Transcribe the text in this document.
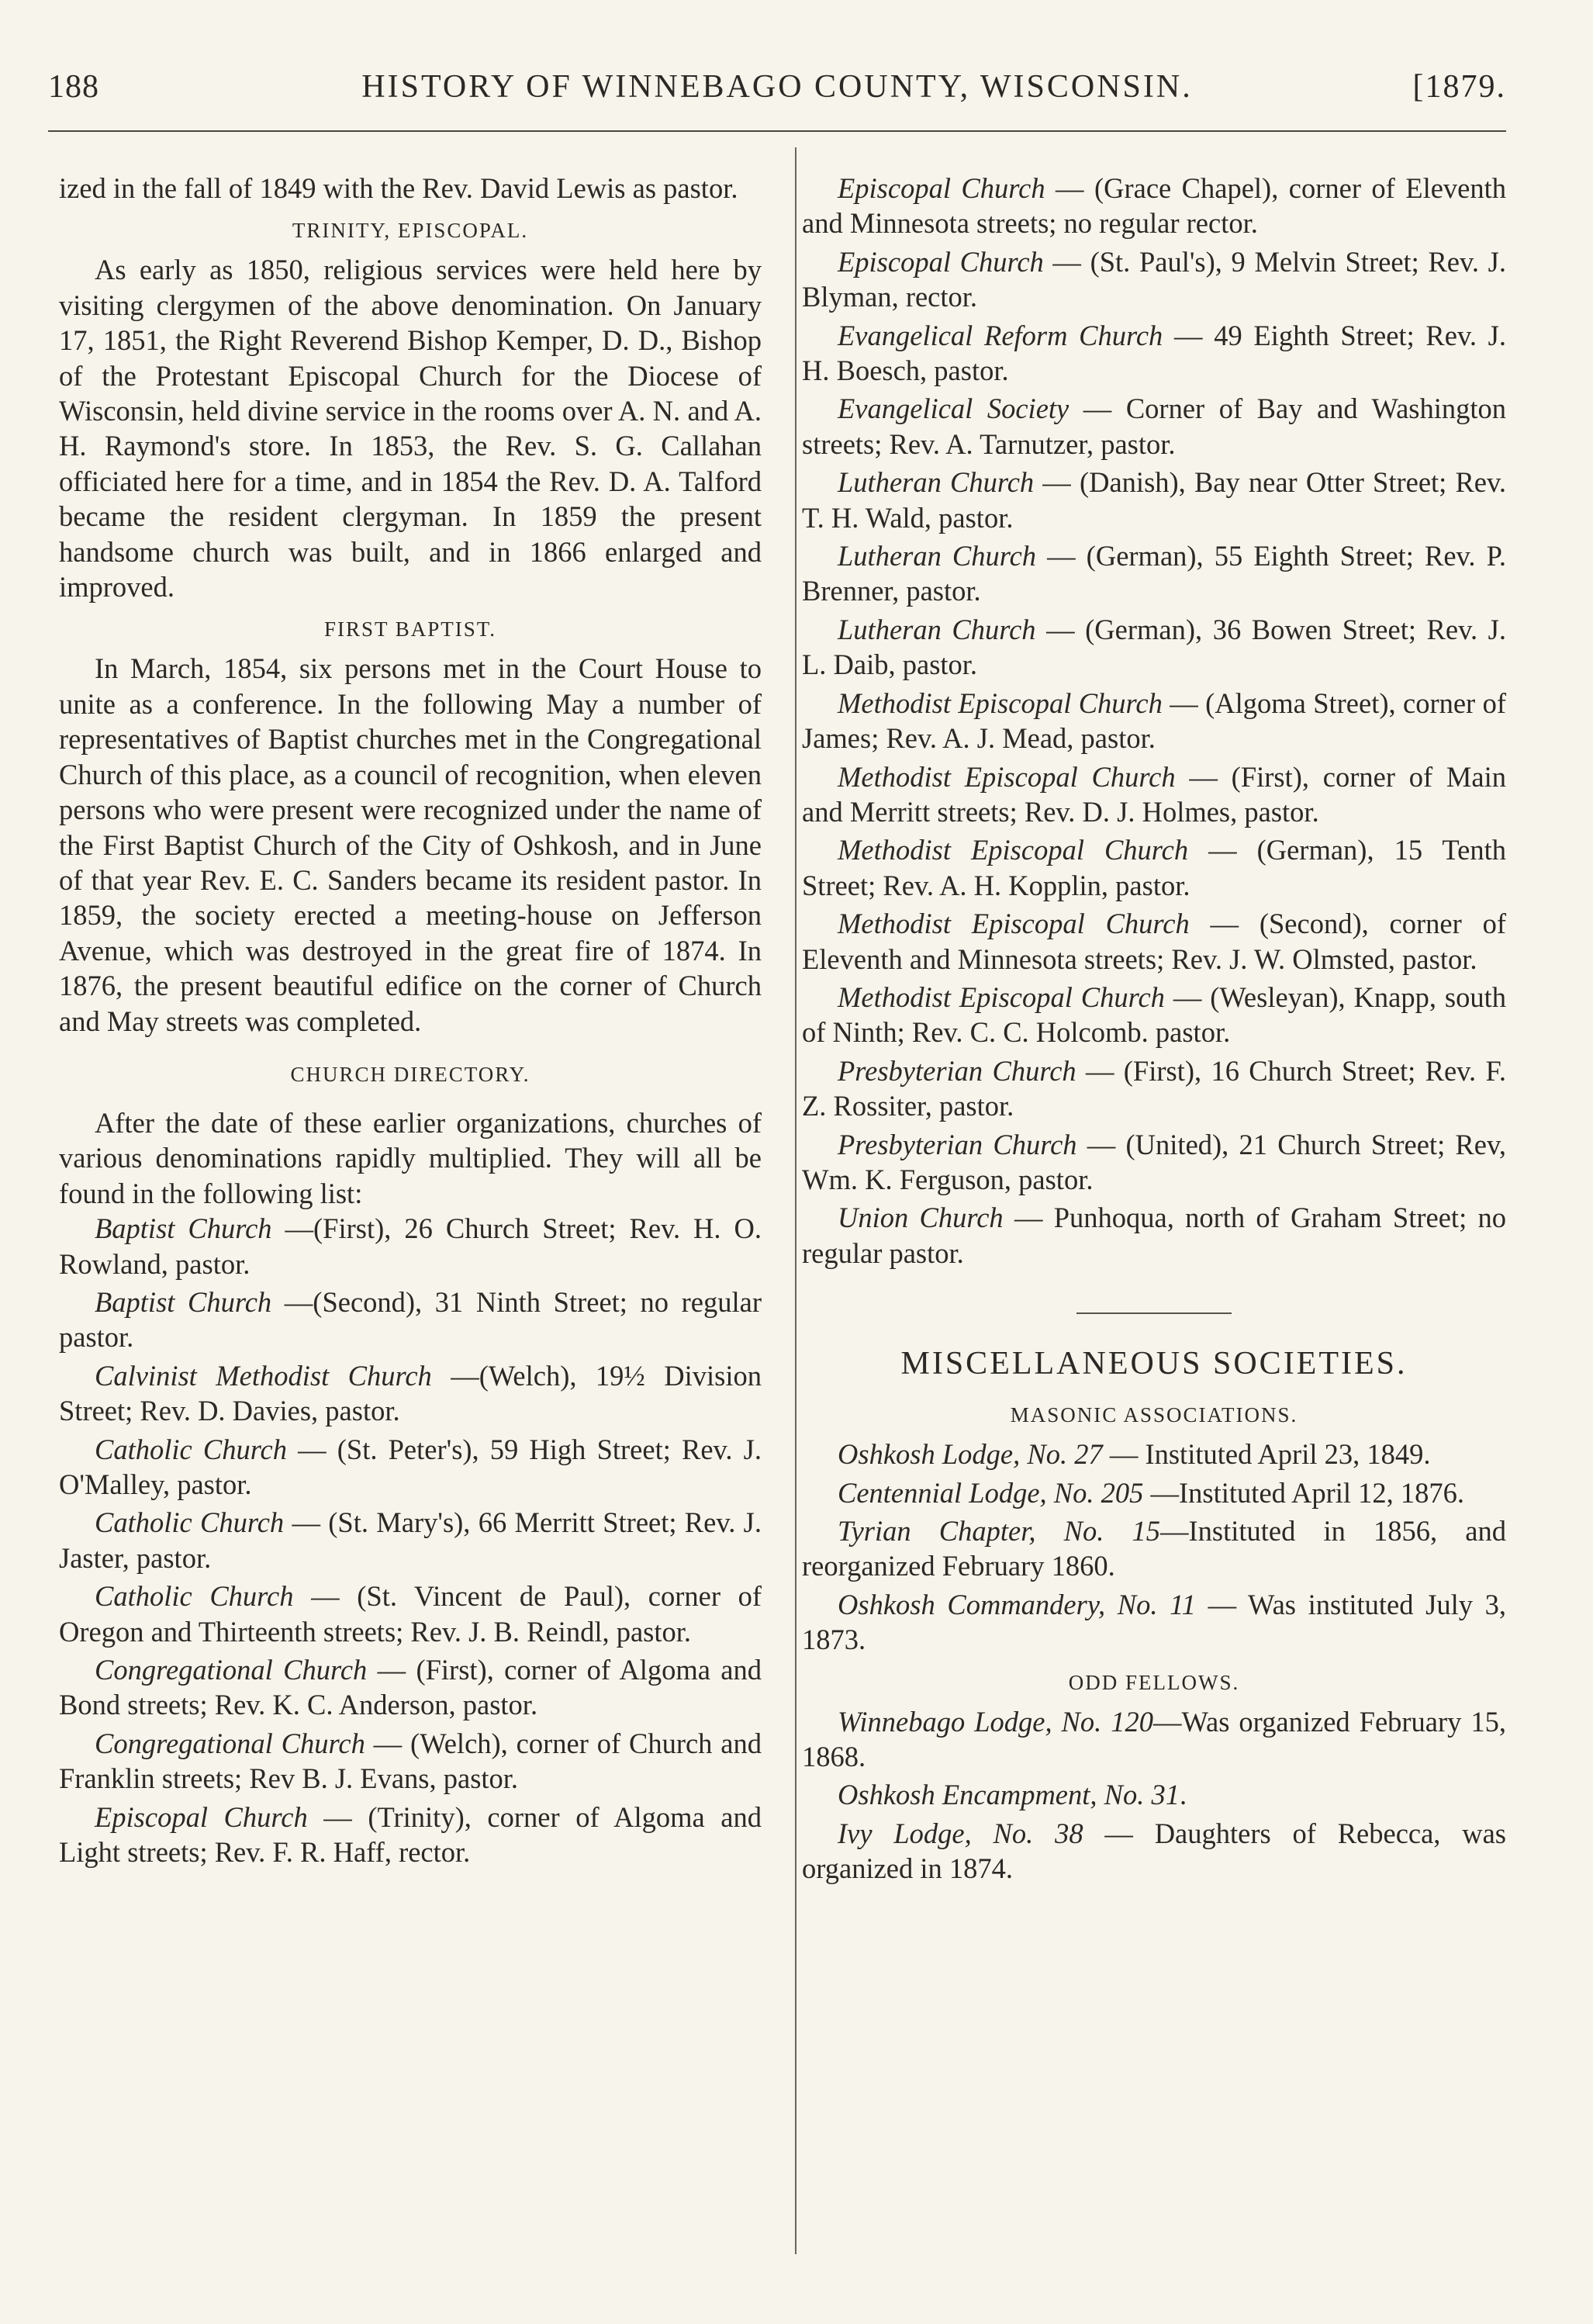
188	HISTORY OF WINNEBAGO COUNTY, WISCONSIN.	[1879.

ized in the fall of 1849 with the Rev. David Lewis as pastor.

TRINITY, EPISCOPAL.

As early as 1850, religious services were held here by visiting clergymen of the above denomination. On January 17, 1851, the Right Reverend Bishop Kemper, D. D., Bishop of the Protestant Episcopal Church for the Diocese of Wisconsin, held divine service in the rooms over A. N. and A. H. Raymond's store. In 1853, the Rev. S. G. Callahan officiated here for a time, and in 1854 the Rev. D. A. Talford became the resident clergyman. In 1859 the present handsome church was built, and in 1866 enlarged and improved.

FIRST BAPTIST.

In March, 1854, six persons met in the Court House to unite as a conference. In the following May a number of representatives of Baptist churches met in the Congregational Church of this place, as a council of recognition, when eleven persons who were present were recognized under the name of the First Baptist Church of the City of Oshkosh, and in June of that year Rev. E. C. Sanders became its resident pastor. In 1859, the society erected a meeting-house on Jefferson Avenue, which was destroyed in the great fire of 1874. In 1876, the present beautiful edifice on the corner of Church and May streets was completed.

CHURCH DIRECTORY.

After the date of these earlier organizations, churches of various denominations rapidly multiplied. They will all be found in the following list:

Baptist Church —(First), 26 Church Street; Rev. H. O. Rowland, pastor.

Baptist Church —(Second), 31 Ninth Street; no regular pastor.

Calvinist Methodist Church —(Welch), 19½ Division Street; Rev. D. Davies, pastor.

Catholic Church — (St. Peter's), 59 High Street; Rev. J. O'Malley, pastor.

Catholic Church — (St. Mary's), 66 Merritt Street; Rev. J. Jaster, pastor.

Catholic Church — (St. Vincent de Paul), corner of Oregon and Thirteenth streets; Rev. J. B. Reindl, pastor.

Congregational Church — (First), corner of Algoma and Bond streets; Rev. K. C. Anderson, pastor.

Congregational Church — (Welch), corner of Church and Franklin streets; Rev B. J. Evans, pastor.

Episcopal Church — (Trinity), corner of Algoma and Light streets; Rev. F. R. Haff, rector.

Episcopal Church — (Grace Chapel), corner of Eleventh and Minnesota streets; no regular rector.

Episcopal Church — (St. Paul's), 9 Melvin Street; Rev. J. Blyman, rector.

Evangelical Reform Church — 49 Eighth Street; Rev. J. H. Boesch, pastor.

Evangelical Society — Corner of Bay and Washington streets; Rev. A. Tarnutzer, pastor.

Lutheran Church — (Danish), Bay near Otter Street; Rev. T. H. Wald, pastor.

Lutheran Church — (German), 55 Eighth Street; Rev. P. Brenner, pastor.

Lutheran Church — (German), 36 Bowen Street; Rev. J. L. Daib, pastor.

Methodist Episcopal Church — (Algoma Street), corner of James; Rev. A. J. Mead, pastor.

Methodist Episcopal Church — (First), corner of Main and Merritt streets; Rev. D. J. Holmes, pastor.

Methodist Episcopal Church — (German), 15 Tenth Street; Rev. A. H. Kopplin, pastor.

Methodist Episcopal Church — (Second), corner of Eleventh and Minnesota streets; Rev. J. W. Olmsted, pastor.

Methodist Episcopal Church — (Wesleyan), Knapp, south of Ninth; Rev. C. C. Holcomb. pastor.

Presbyterian Church — (First), 16 Church Street; Rev. F. Z. Rossiter, pastor.

Presbyterian Church — (United), 21 Church Street; Rev, Wm. K. Ferguson, pastor.

Union Church — Punhoqua, north of Graham Street; no regular pastor.

MISCELLANEOUS SOCIETIES.
MASONIC ASSOCIATIONS.

Oshkosh Lodge, No. 27 — Instituted April 23, 1849.

Centennial Lodge, No. 205 —Instituted April 12, 1876.

Tyrian Chapter, No. 15—Instituted in 1856, and reorganized February 1860.

Oshkosh Commandery, No. 11 — Was instituted July 3, 1873.

ODD FELLOWS.

Winnebago Lodge, No. 120—Was organized February 15, 1868.

Oshkosh Encampment, No. 31.

Ivy Lodge, No. 38 — Daughters of Rebecca, was organized in 1874.
